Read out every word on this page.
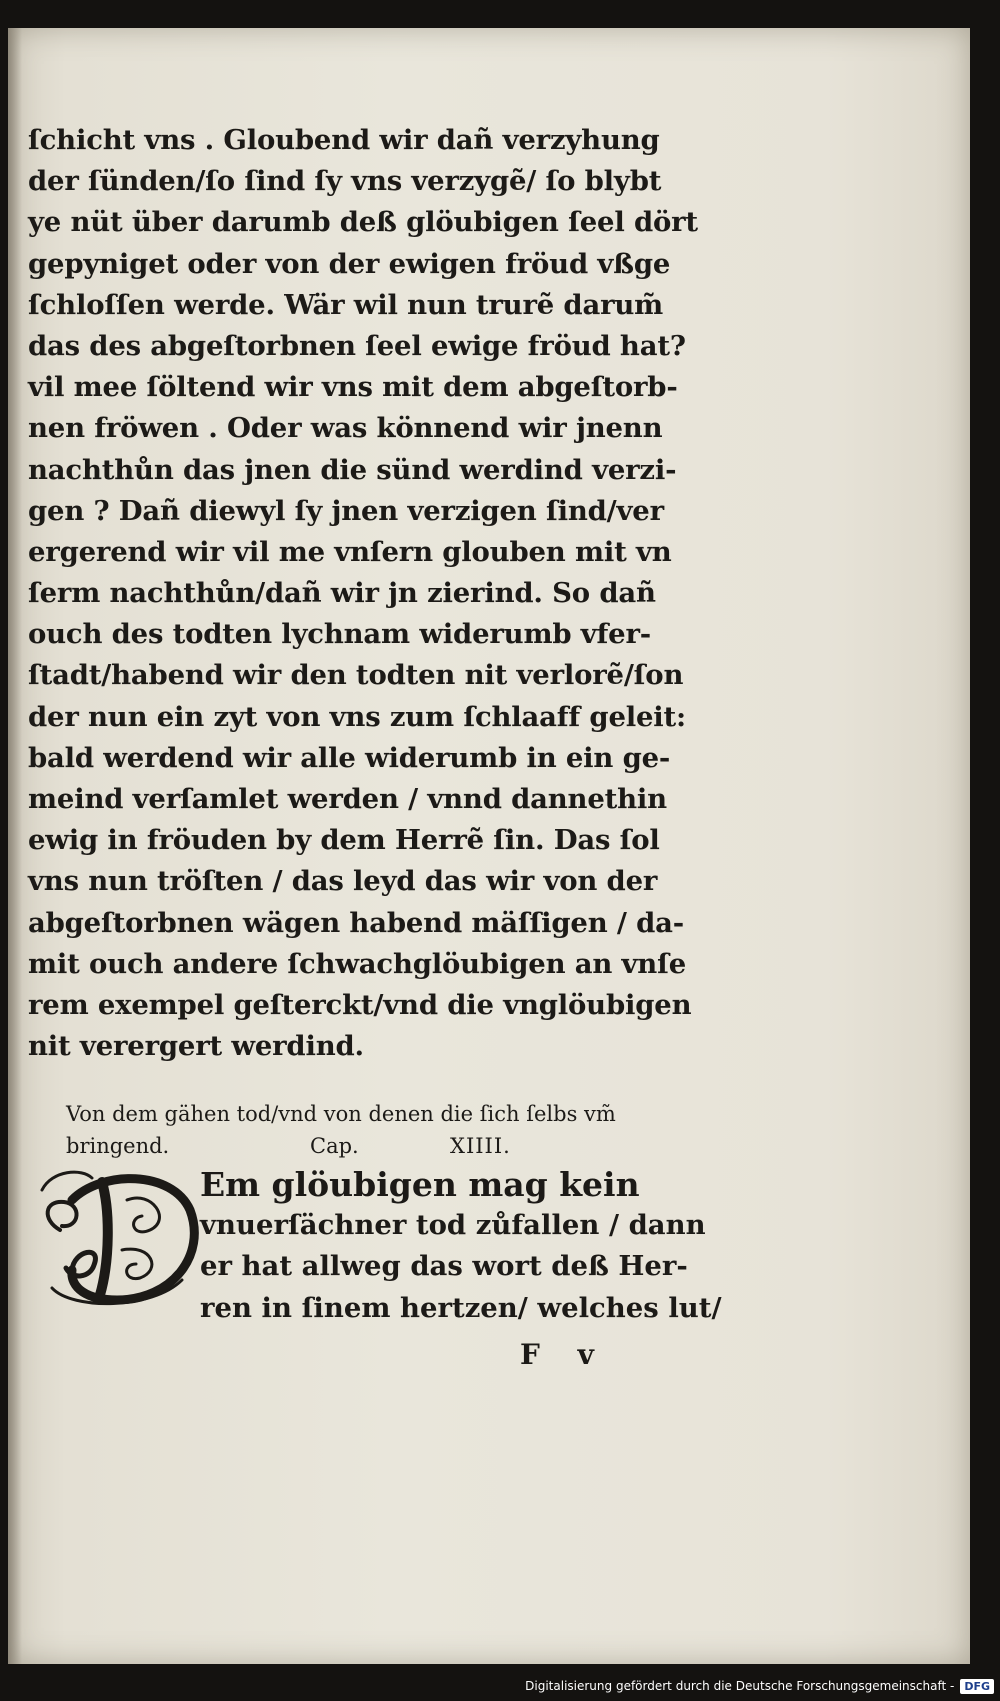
ſchicht vns . Gloubend wir dañ verzyhung
der ſünden/ſo ſind ſy vns verzygẽ/ ſo blybt
ye nüt über darumb deß glöubigen ſeel dört
gepyniget oder von der ewigen fröud vßge
ſchloſſen werde. Wär wil nun trurẽ darum̃
das des abgeſtorbnen ſeel ewige fröud hat?
vil mee ſöltend wir vns mit dem abgeſtorb-
nen fröwen . Oder was könnend wir jnenn
nachthůn das jnen die sünd werdind verzi-
gen ? Dañ diewyl ſy jnen verzigen ſind/ver
ergerend wir vil me vnſern glouben mit vn
ſerm nachthůn/dañ wir jn zierind. So dañ
ouch des todten lychnam widerumb vfer-
ſtadt/habend wir den todten nit verlorẽ/ſon
der nun ein zyt von vns zum ſchlaaff geleit:
bald werdend wir alle widerumb in ein ge-
meind verſamlet werden / vnnd dannethin
ewig in fröuden by dem Herrẽ ſin. Das ſol
vns nun tröſten / das leyd das wir von der
abgeſtorbnen wägen habend mäſſigen / da-
mit ouch andere ſchwachglöubigen an vnſe
rem exempel geſterckt/vnd die vnglöubigen
nit verergert werdind.
Von dem gähen tod/vnd von denen die ſich ſelbs vm̃
bringend.	Cap.	XIIII.
Em glöubigen mag kein
vnuerſächner tod zůfallen / dann
er hat allweg das wort deß Her-
ren in ſinem hertzen/ welches lut/
F v
Digitalisierung gefördert durch die Deutsche Forschungsgemeinschaft - DFG
